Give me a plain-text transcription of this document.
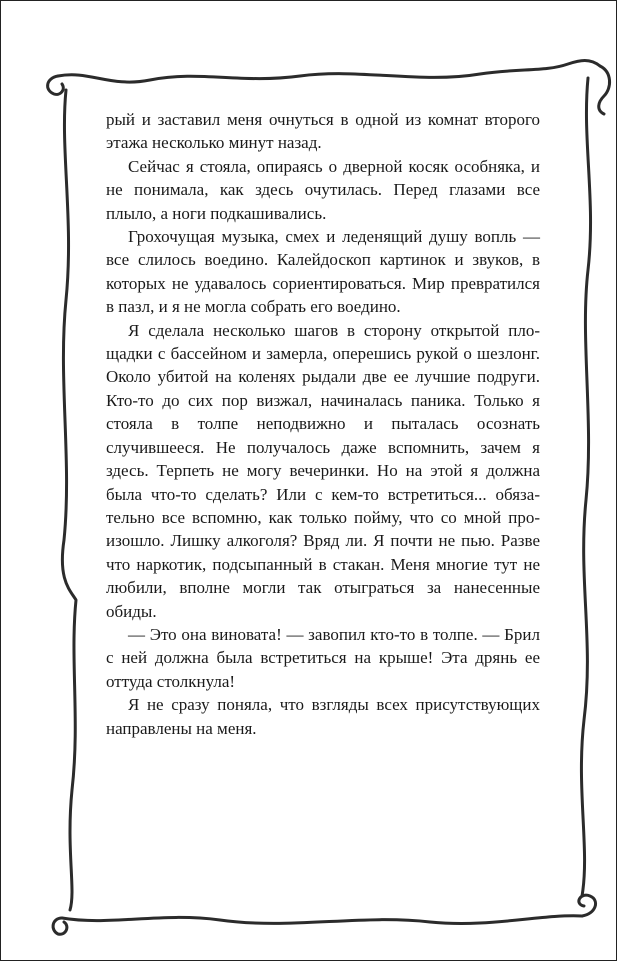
рый и заставил меня очнуться в одной из комнат второго этажа несколько минут назад.

Сейчас я стояла, опираясь о дверной косяк особняка, и не понимала, как здесь очутилась. Перед глазами все плыло, а ноги подкашивались.

Грохочущая музыка, смех и леденящий душу вопль — все слилось воедино. Калейдоскоп картинок и звуков, в которых не удавалось сориентироваться. Мир превратился в пазл, и я не могла собрать его воедино.

Я сделала несколько шагов в сторону открытой площадки с бассейном и замерла, оперешись рукой о шезлонг. Около убитой на коленях рыдали две ее лучшие подруги. Кто-то до сих пор визжал, начиналась паника. Только я стояла в толпе неподвижно и пыталась осознать случившееся. Не получалось даже вспомнить, зачем я здесь. Терпеть не могу вечеринки. Но на этой я должна была что-то сделать? Или с кем-то встретиться... обязательно все вспомню, как только пойму, что со мной произошло. Лишку алкоголя? Вряд ли. Я почти не пью. Разве что наркотик, подсыпанный в стакан. Меня многие тут не любили, вполне могли так отыграться за нанесенные обиды.

— Это она виновата! — завопил кто-то в толпе. — Брил с ней должна была встретиться на крыше! Эта дрянь ее оттуда столкнула!

Я не сразу поняла, что взгляды всех присутствующих направлены на меня.
